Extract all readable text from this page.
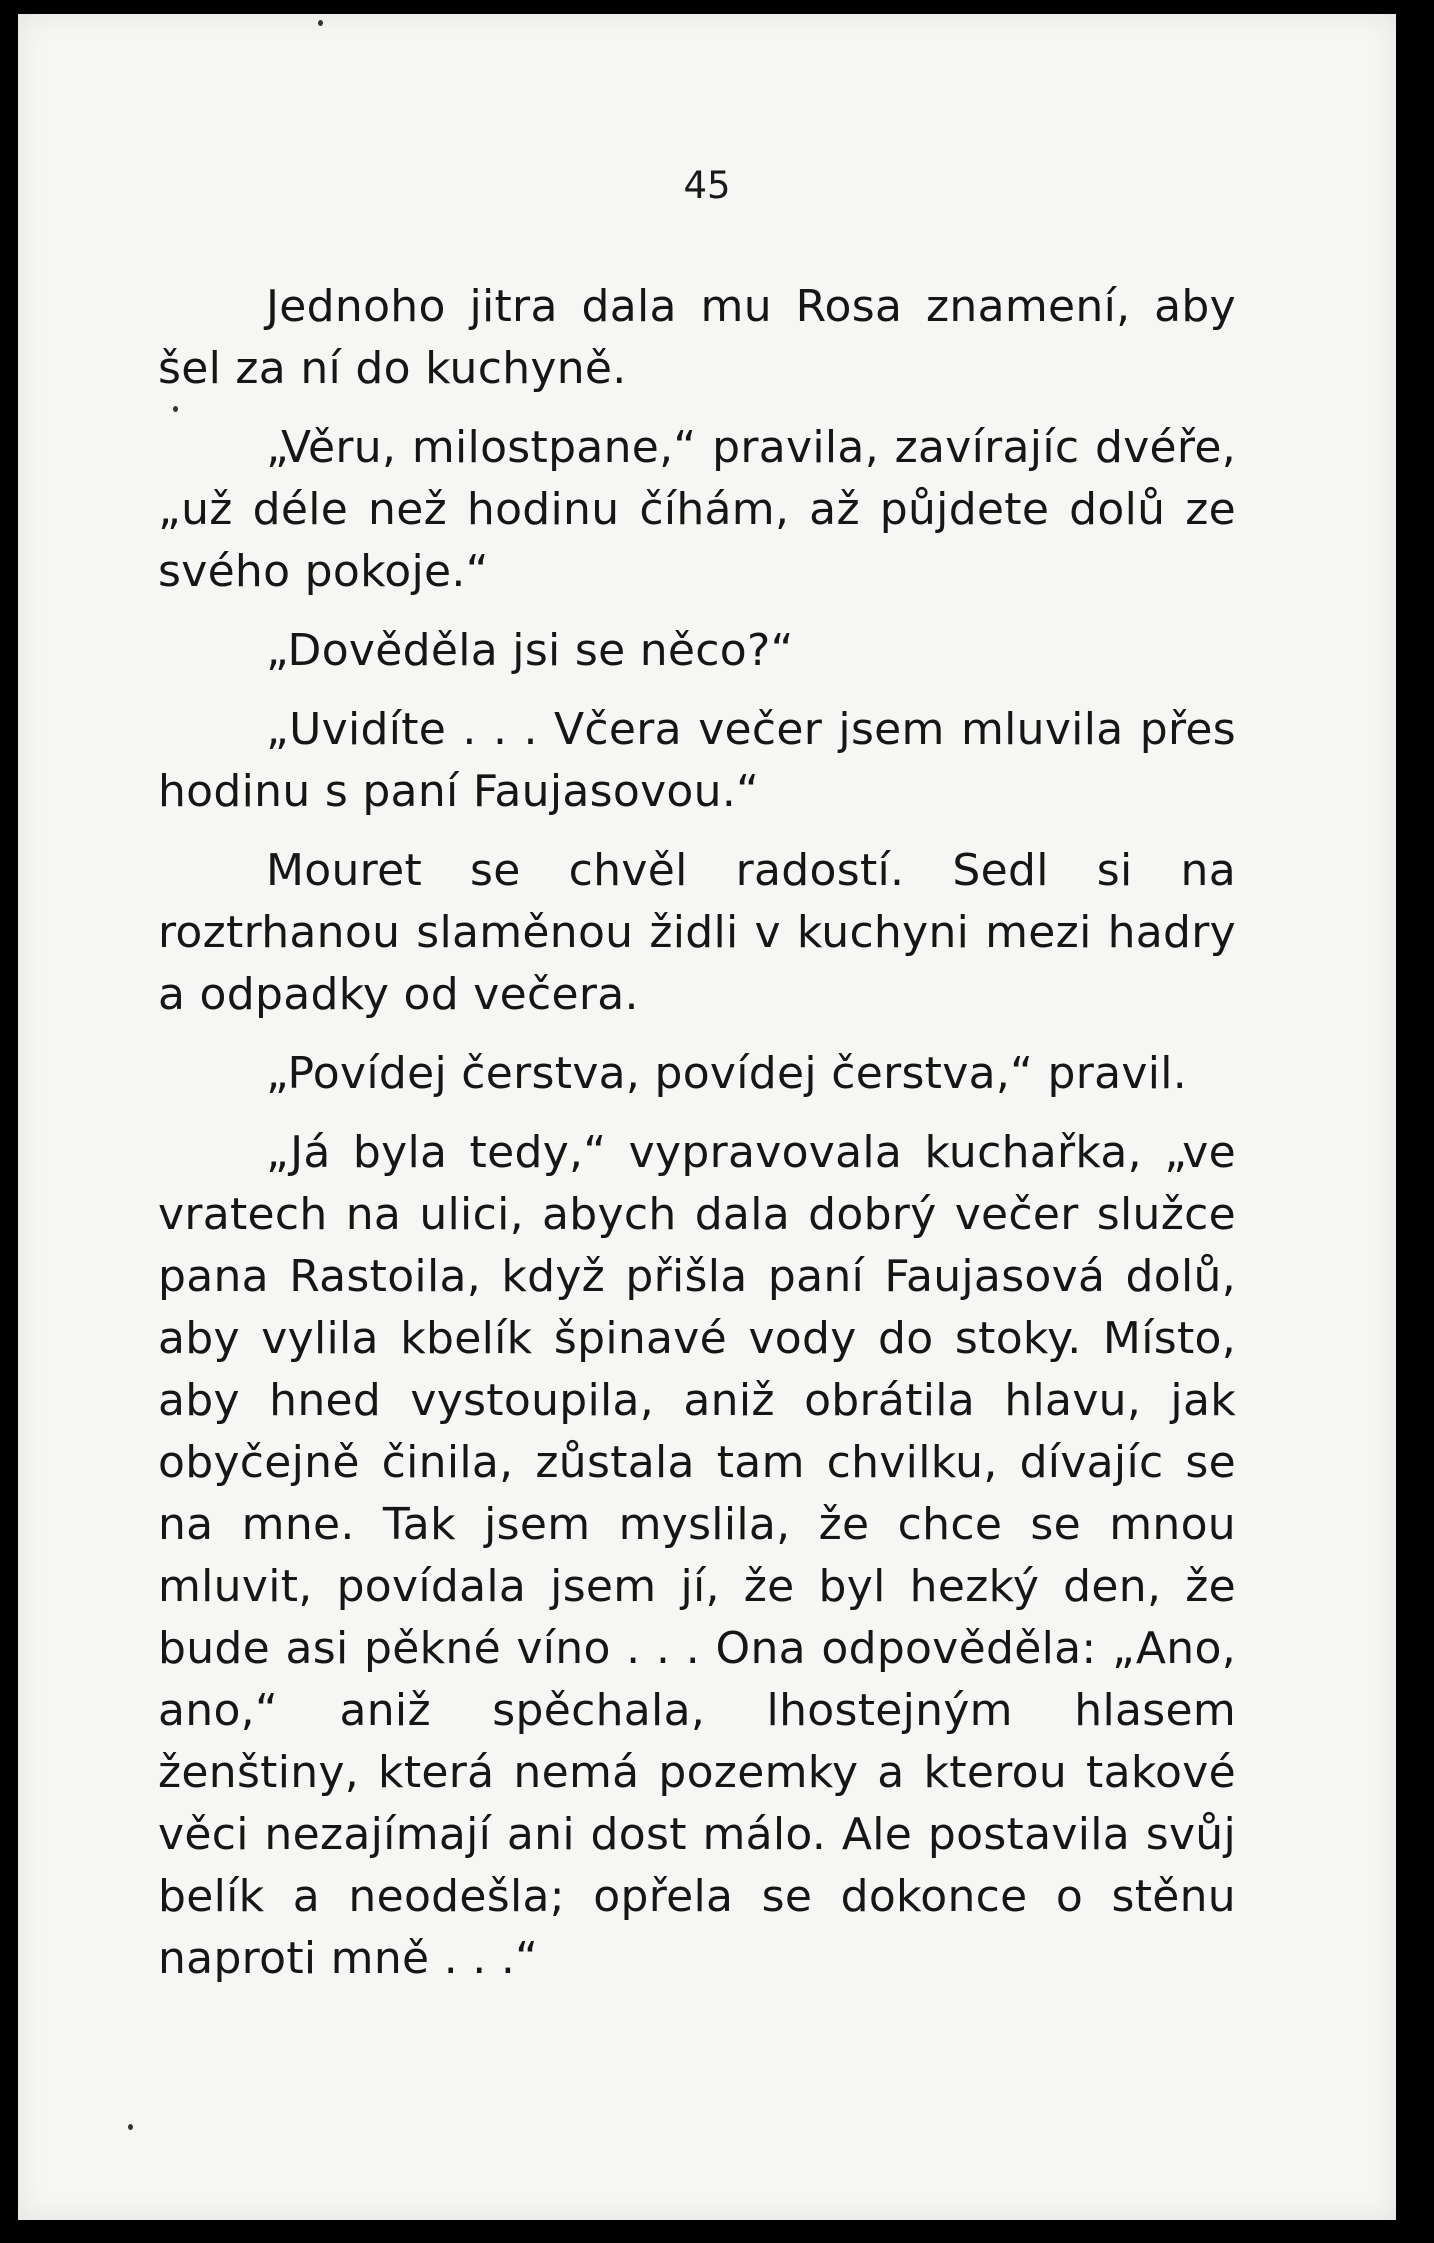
45

Jednoho jitra dala mu Rosa znamení, aby šel za ní do kuchyně.

„Věru, milostpane,“ pravila, zavírajíc dvéře, „už déle než hodinu číhám, až půjdete dolů ze svého pokoje.“

„Dověděla jsi se něco?“

„Uvidíte . . . Včera večer jsem mluvila přes hodinu s paní Faujasovou.“

Mouret se chvěl radostí. Sedl si na roztrhanou slaměnou židli v kuchyni mezi hadry a odpadky od večera.

„Povídej čerstva, povídej čerstva,“ pravil.

„Já byla tedy,“ vypravovala kuchařka, „ve vratech na ulici, abych dala dobrý večer služce pana Rastoila, když přišla paní Faujasová dolů, aby vylila kbelík špinavé vody do stoky. Místo, aby hned vystoupila, aniž obrátila hlavu, jak obyčejně činila, zůstala tam chvilku, dívajíc se na mne. Tak jsem myslila, že chce se mnou mluvit, povídala jsem jí, že byl hezký den, že bude asi pěkné víno . . . Ona odpověděla: „Ano, ano,“ aniž spěchala, lhostejným hlasem ženštiny, která nemá pozemky a kterou takové věci nezajímají ani dost málo. Ale postavila svůj belík a neodešla; opřela se dokonce o stěnu naproti mně . . .“
